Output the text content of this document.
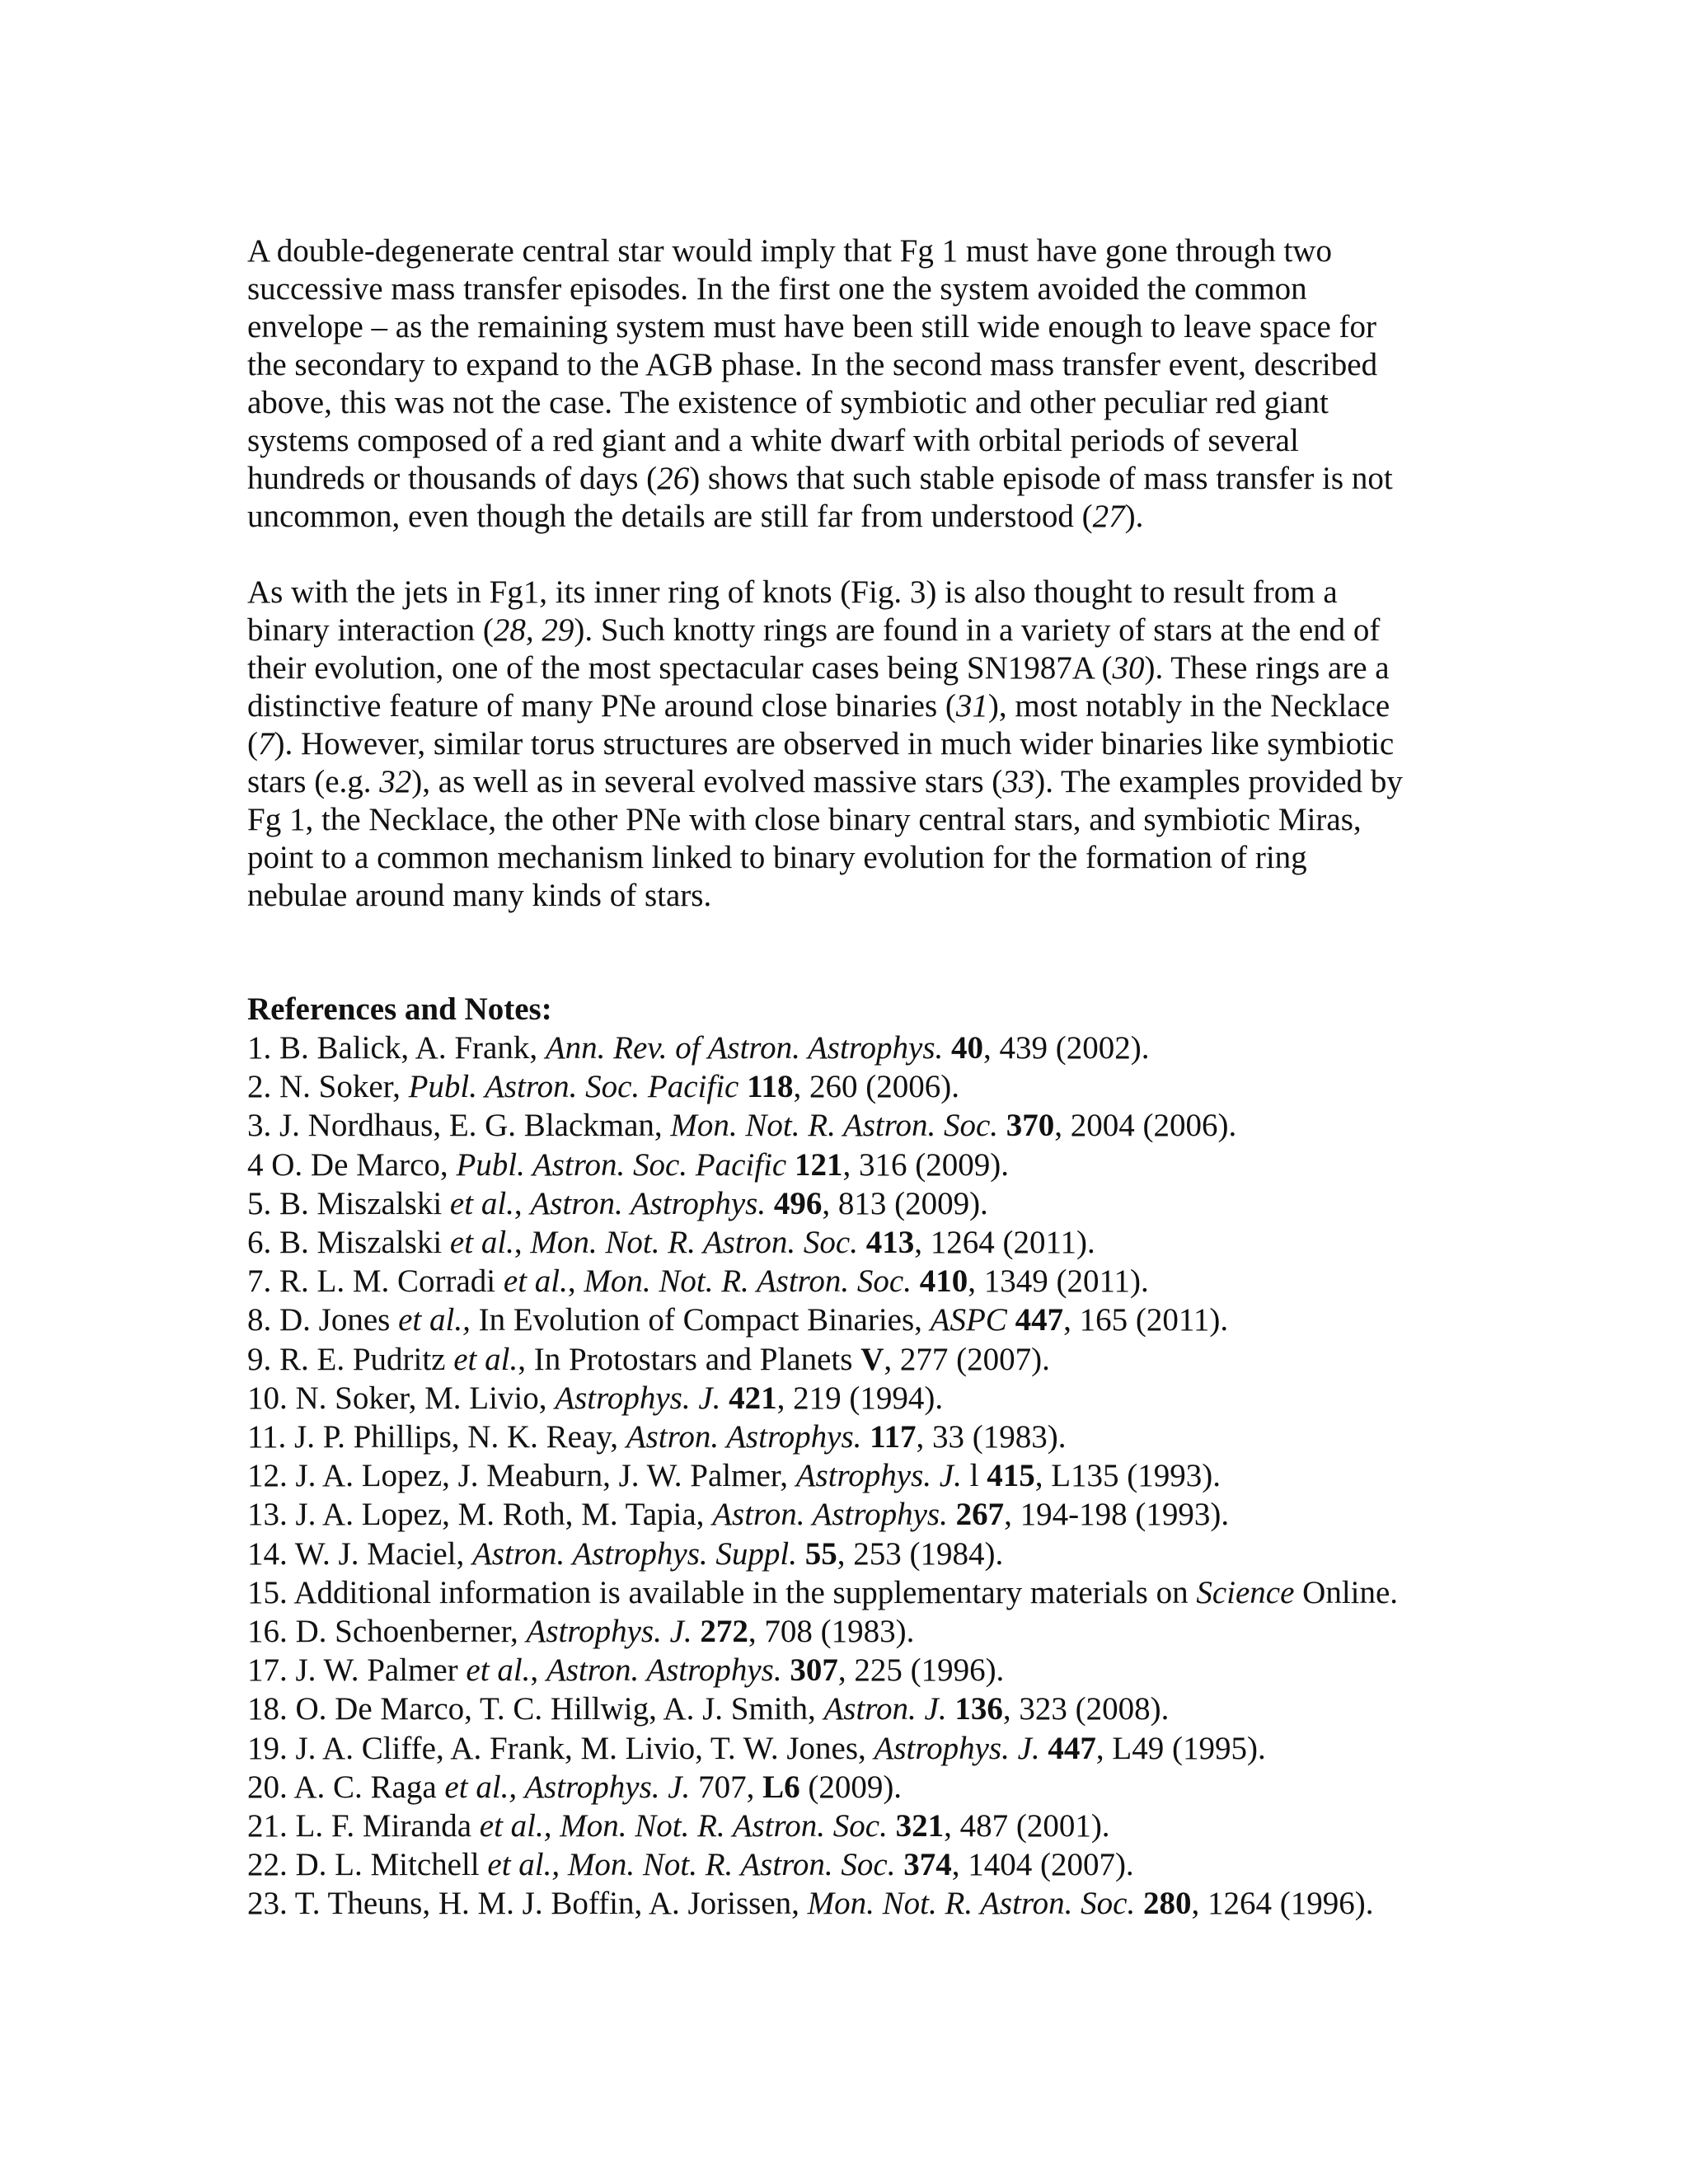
A double-degenerate central star would imply that Fg 1 must have gone through two
successive mass transfer episodes. In the first one the system avoided the common
envelope – as the remaining system must have been still wide enough to leave space for
the secondary to expand to the AGB phase. In the second mass transfer event, described
above, this was not the case. The existence of symbiotic and other peculiar red giant
systems composed of a red giant and a white dwarf with orbital periods of several
hundreds or thousands of days (26) shows that such stable episode of mass transfer is not
uncommon, even though the details are still far from understood (27).

As with the jets in Fg1, its inner ring of knots (Fig. 3) is also thought to result from a
binary interaction (28, 29). Such knotty rings are found in a variety of stars at the end of
their evolution, one of the most spectacular cases being SN1987A (30). These rings are a
distinctive feature of many PNe around close binaries (31), most notably in the Necklace
(7). However, similar torus structures are observed in much wider binaries like symbiotic
stars (e.g. 32), as well as in several evolved massive stars (33). The examples provided by
Fg 1, the Necklace, the other PNe with close binary central stars, and symbiotic Miras,
point to a common mechanism linked to binary evolution for the formation of ring
nebulae around many kinds of stars.

References and Notes:
1. B. Balick, A. Frank, Ann. Rev. of Astron. Astrophys. 40, 439 (2002).
2. N. Soker, Publ. Astron. Soc. Pacific 118, 260 (2006).
3. J. Nordhaus, E. G. Blackman, Mon. Not. R. Astron. Soc. 370, 2004 (2006).
4 O. De Marco, Publ. Astron. Soc. Pacific 121, 316 (2009).
5. B. Miszalski et al., Astron. Astrophys. 496, 813 (2009).
6. B. Miszalski et al., Mon. Not. R. Astron. Soc. 413, 1264 (2011).
7. R. L. M. Corradi et al., Mon. Not. R. Astron. Soc. 410, 1349 (2011).
8. D. Jones et al., In Evolution of Compact Binaries, ASPC 447, 165 (2011).
9. R. E. Pudritz et al., In Protostars and Planets V, 277 (2007).
10. N. Soker, M. Livio, Astrophys. J. 421, 219 (1994).
11. J. P. Phillips, N. K. Reay, Astron. Astrophys. 117, 33 (1983).
12. J. A. Lopez, J. Meaburn, J. W. Palmer, Astrophys. J. l 415, L135 (1993).
13. J. A. Lopez, M. Roth, M. Tapia, Astron. Astrophys. 267, 194-198 (1993).
14. W. J. Maciel, Astron. Astrophys. Suppl. 55, 253 (1984).
15. Additional information is available in the supplementary materials on Science Online.
16. D. Schoenberner, Astrophys. J. 272, 708 (1983).
17. J. W. Palmer et al., Astron. Astrophys. 307, 225 (1996).
18. O. De Marco, T. C. Hillwig, A. J. Smith, Astron. J. 136, 323 (2008).
19. J. A. Cliffe, A. Frank, M. Livio, T. W. Jones, Astrophys. J. 447, L49 (1995).
20. A. C. Raga et al., Astrophys. J. 707, L6 (2009).
21. L. F. Miranda et al., Mon. Not. R. Astron. Soc. 321, 487 (2001).
22. D. L. Mitchell et al., Mon. Not. R. Astron. Soc. 374, 1404 (2007).
23. T. Theuns, H. M. J. Boffin, A. Jorissen, Mon. Not. R. Astron. Soc. 280, 1264 (1996).
